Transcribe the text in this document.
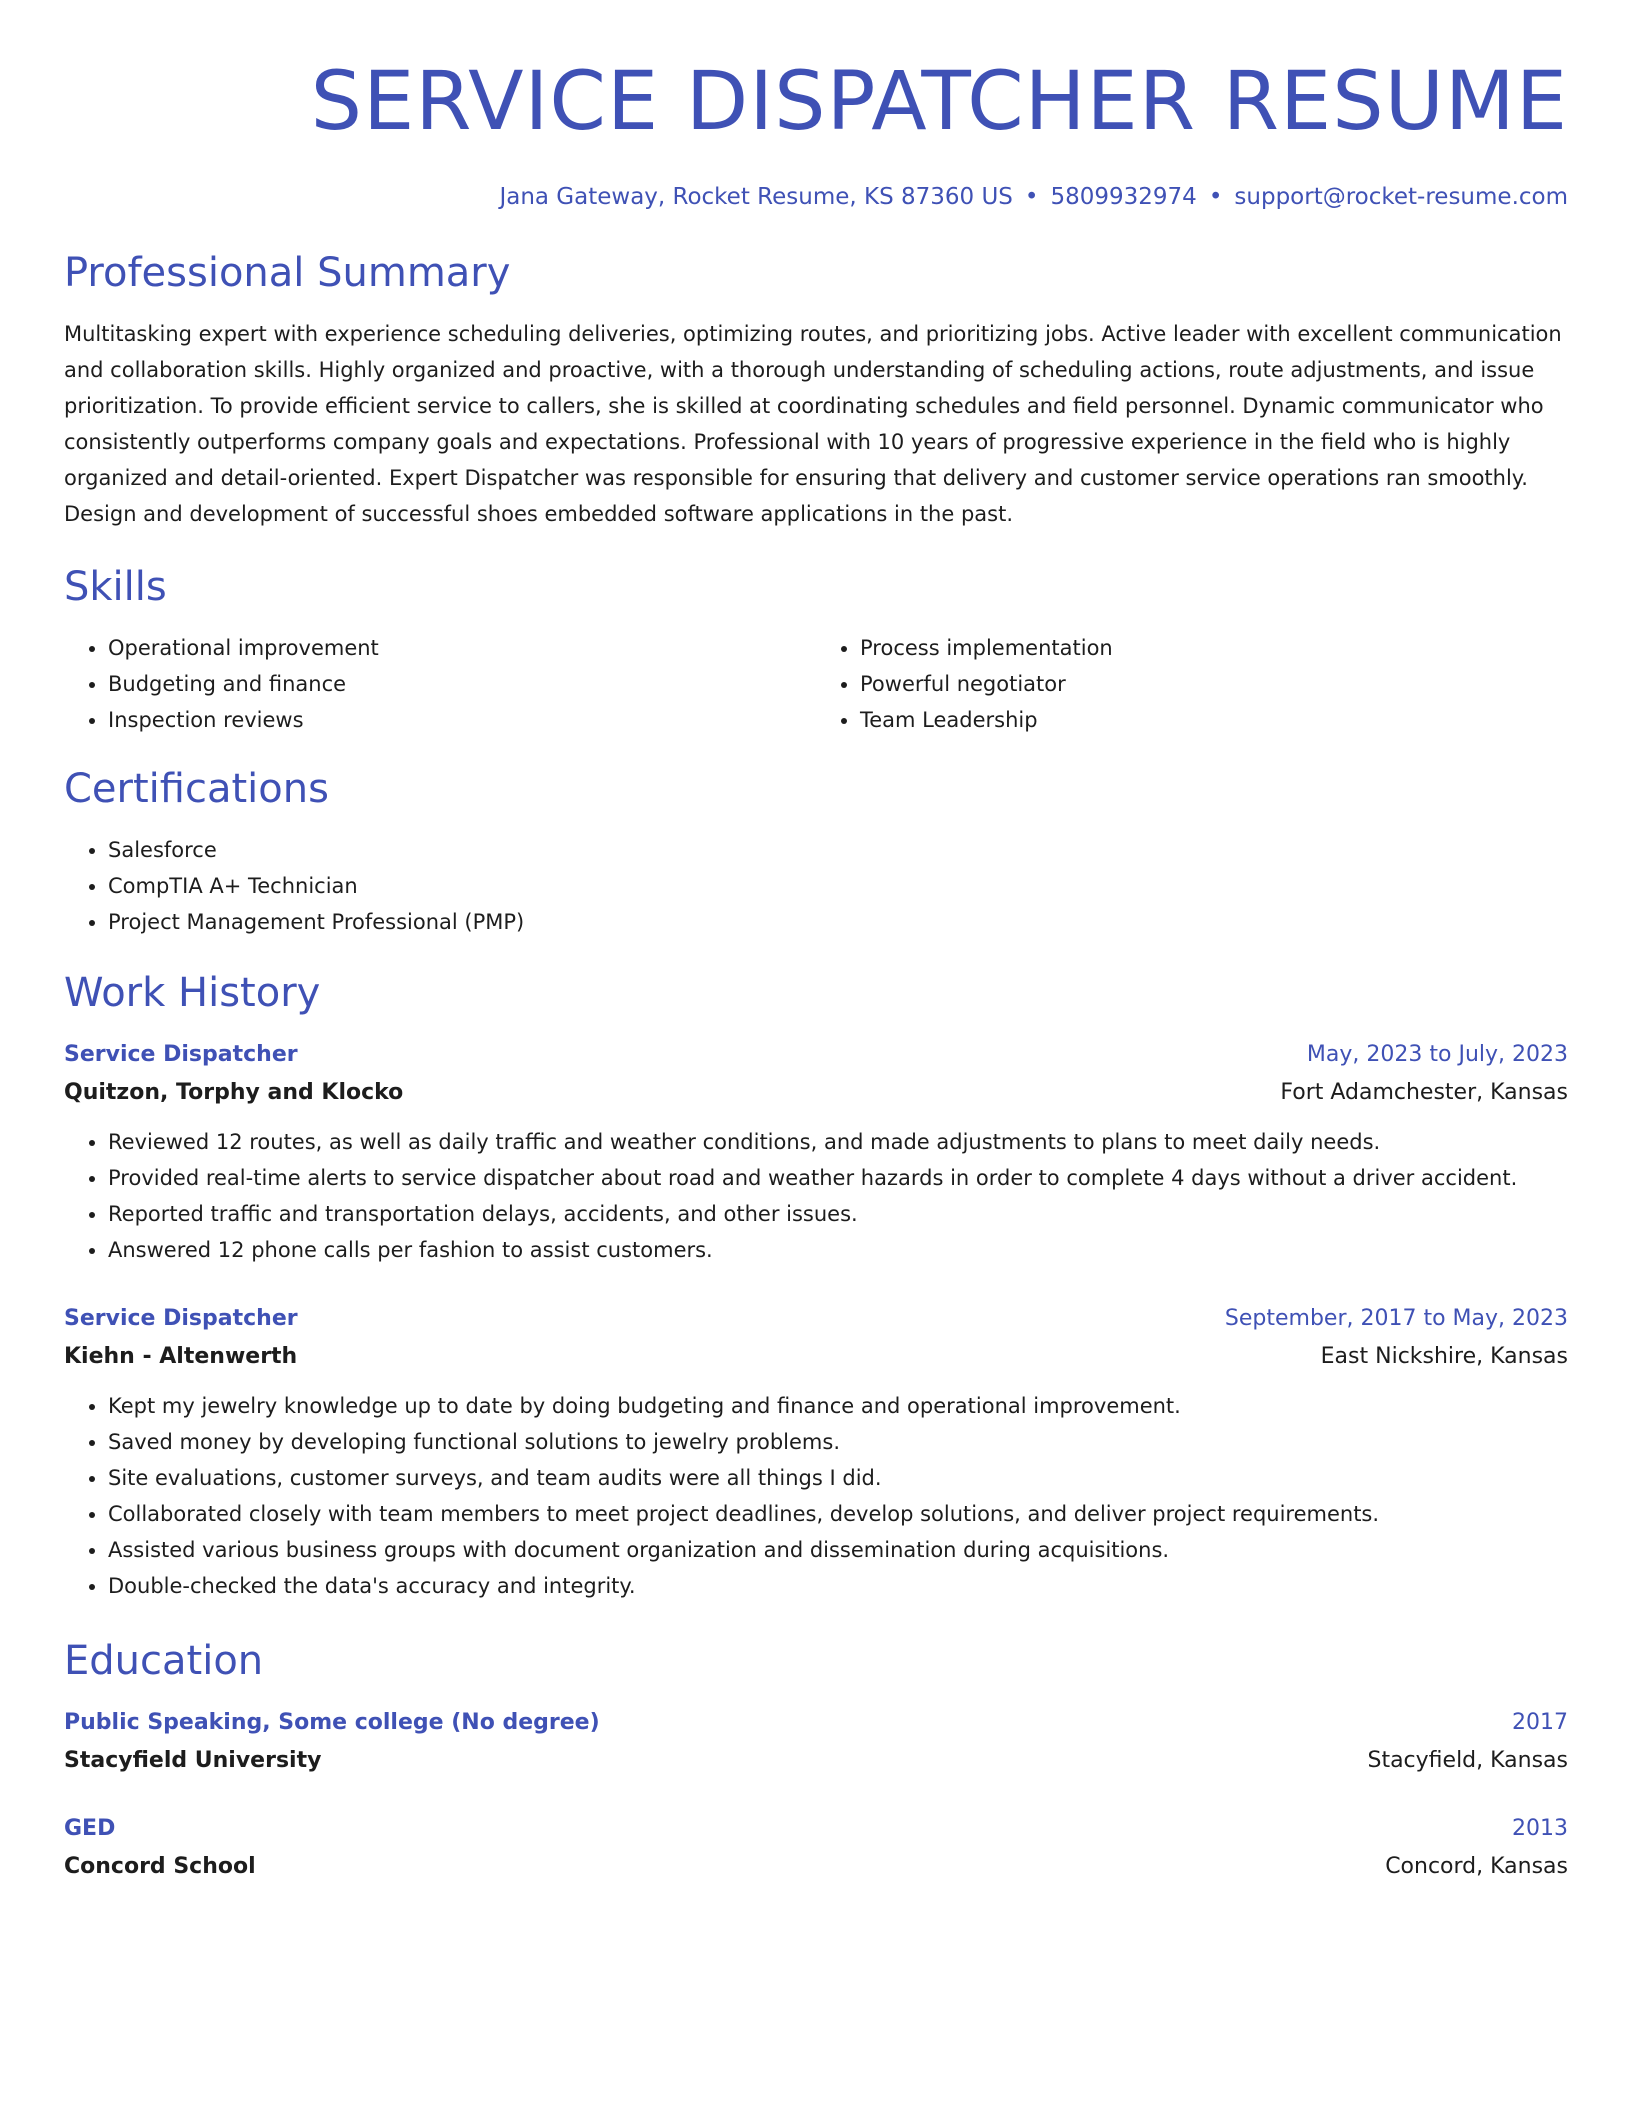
SERVICE DISPATCHER RESUME
Jana Gateway, Rocket Resume, KS 87360 US • 5809932974 • support@rocket-resume.com
Professional Summary

Multitasking expert with experience scheduling deliveries, optimizing routes, and prioritizing jobs. Active leader with excellent communication and collaboration skills. Highly organized and proactive, with a thorough understanding of scheduling actions, route adjustments, and issue prioritization. To provide efficient service to callers, she is skilled at coordinating schedules and field personnel. Dynamic communicator who consistently outperforms company goals and expectations. Professional with 10 years of progressive experience in the field who is highly organized and detail-oriented. Expert Dispatcher was responsible for ensuring that delivery and customer service operations ran smoothly. Design and development of successful shoes embedded software applications in the past.

Skills
• Operational improvement
• Budgeting and finance
• Inspection reviews
• Process implementation
• Powerful negotiator
• Team Leadership
Certifications
• Salesforce
• CompTIA A+ Technician
• Project Management Professional (PMP)
Work History
Service Dispatcher	May, 2023 to July, 2023
Quitzon, Torphy and Klocko	Fort Adamchester, Kansas
• Reviewed 12 routes, as well as daily traffic and weather conditions, and made adjustments to plans to meet daily needs.
• Provided real-time alerts to service dispatcher about road and weather hazards in order to complete 4 days without a driver accident.
• Reported traffic and transportation delays, accidents, and other issues.
• Answered 12 phone calls per fashion to assist customers.
Service Dispatcher	September, 2017 to May, 2023
Kiehn - Altenwerth	East Nickshire, Kansas
• Kept my jewelry knowledge up to date by doing budgeting and finance and operational improvement.
• Saved money by developing functional solutions to jewelry problems.
• Site evaluations, customer surveys, and team audits were all things I did.
• Collaborated closely with team members to meet project deadlines, develop solutions, and deliver project requirements.
• Assisted various business groups with document organization and dissemination during acquisitions.
• Double-checked the data's accuracy and integrity.
Education
Public Speaking, Some college (No degree)	2017
Stacyfield University	Stacyfield, Kansas
GED	2013
Concord School	Concord, Kansas
